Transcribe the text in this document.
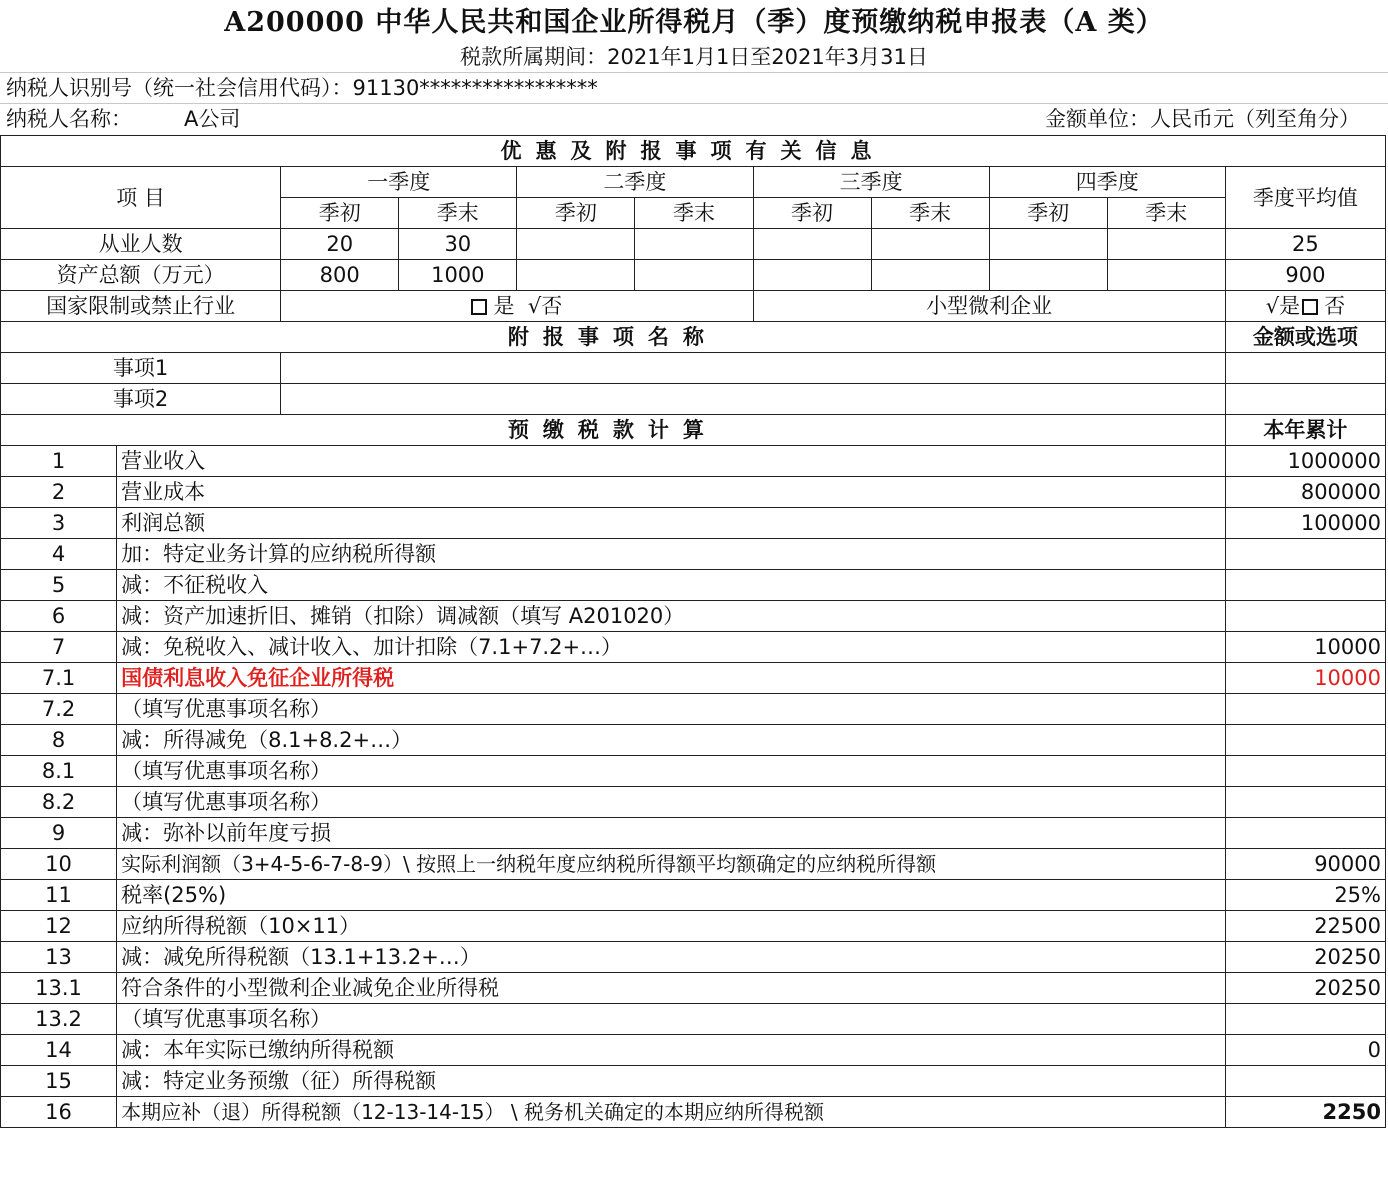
A200000 中华人民共和国企业所得税月（季）度预缴纳税申报表（A 类）
税款所属期间：2021年1月1日至2021年3月31日
纳税人识别号（统一社会信用代码）：91130*****************
纳税人名称： A公司	金额单位：人民币元（列至角分）
优惠及附报事项有关信息										
项 目		一季度		二季度		三季度		四季度		季度平均值
		季初	季末	季初	季末	季初	季末	季初	季末	
从业人数		20	30							25
资产总额（万元）		800	1000							900
国家限制或禁止行业		是 √否				小型微利企业				√是 否
附报事项名称										金额或选项
事项1										
事项2										
预缴税款计算										本年累计
1	营业收入									1000000
2	营业成本									800000
3	利润总额									100000
4	加：特定业务计算的应纳税所得额									
5	减：不征税收入									
6	减：资产加速折旧、摊销（扣除）调减额（填写 A201020）									
7	减：免税收入、减计收入、加计扣除（7.1+7.2+…）									10000
7.1	国债利息收入免征企业所得税									10000
7.2	（填写优惠事项名称）									
8	减：所得减免（8.1+8.2+…）									
8.1	（填写优惠事项名称）									
8.2	（填写优惠事项名称）									
9	减：弥补以前年度亏损									
10	实际利润额（3+4-5-6-7-8-9）\ 按照上一纳税年度应纳税所得额平均额确定的应纳税所得额									90000
11	税率(25%)									25%
12	应纳所得税额（10×11）									22500
13	减：减免所得税额（13.1+13.2+…）									20250
13.1	符合条件的小型微利企业减免企业所得税									20250
13.2	（填写优惠事项名称）									
14	减：本年实际已缴纳所得税额									0
15	减：特定业务预缴（征）所得税额									
16	本期应补（退）所得税额（12-13-14-15） \ 税务机关确定的本期应纳所得税额									2250
